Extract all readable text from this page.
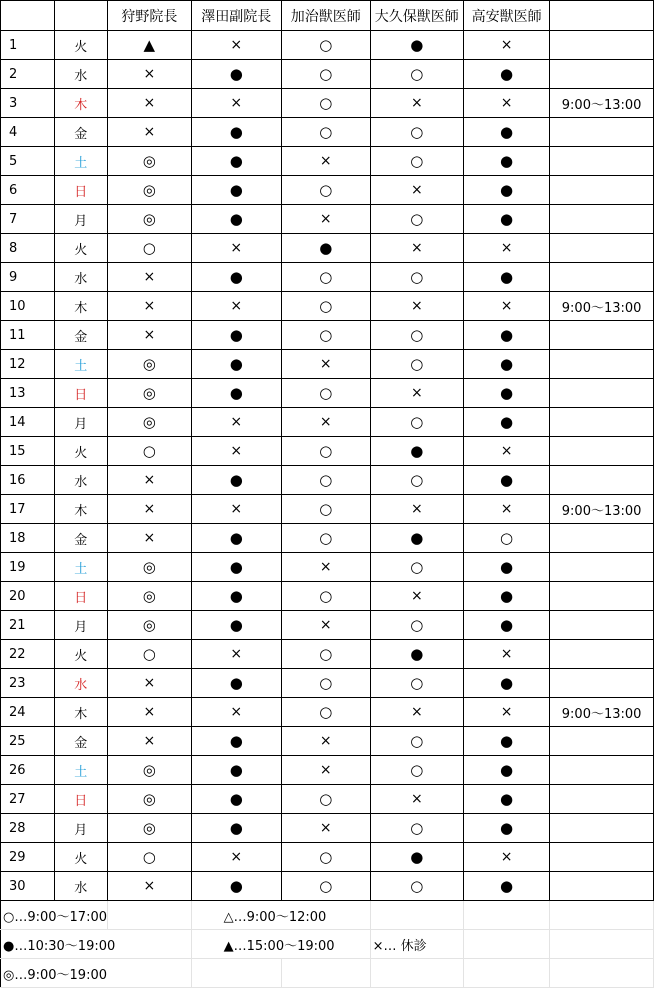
		狩野院長	澤田副院長	加治獣医師	大久保獣医師	高安獣医師	
1	火	▲	×	○	●	×	
2	水	×	●	○	○	●	
3	木	×	×	○	×	×	9:00～13:00
4	金	×	●	○	○	●	
5	土	◎	●	×	○	●	
6	日	◎	●	○	×	●	
7	月	◎	●	×	○	●	
8	火	○	×	●	×	×	
9	水	×	●	○	○	●	
10	木	×	×	○	×	×	9:00～13:00
11	金	×	●	○	○	●	
12	土	◎	●	×	○	●	
13	日	◎	●	○	×	●	
14	月	◎	×	×	○	●	
15	火	○	×	○	●	×	
16	水	×	●	○	○	●	
17	木	×	×	○	×	×	9:00～13:00
18	金	×	●	○	●	○	
19	土	◎	●	×	○	●	
20	日	◎	●	○	×	●	
21	月	◎	●	×	○	●	
22	火	○	×	○	●	×	
23	水	×	●	○	○	●	
24	木	×	×	○	×	×	9:00～13:00
25	金	×	●	×	○	●	
26	土	◎	●	×	○	●	
27	日	◎	●	○	×	●	
28	月	◎	●	×	○	●	
29	火	○	×	○	●	×	
30	水	×	●	○	○	●	
○…9:00～17:00			△…9:00～12:00				
●…10:30～19:00			▲…15:00～19:00		×… 休診		
◎…9:00～19:00							
